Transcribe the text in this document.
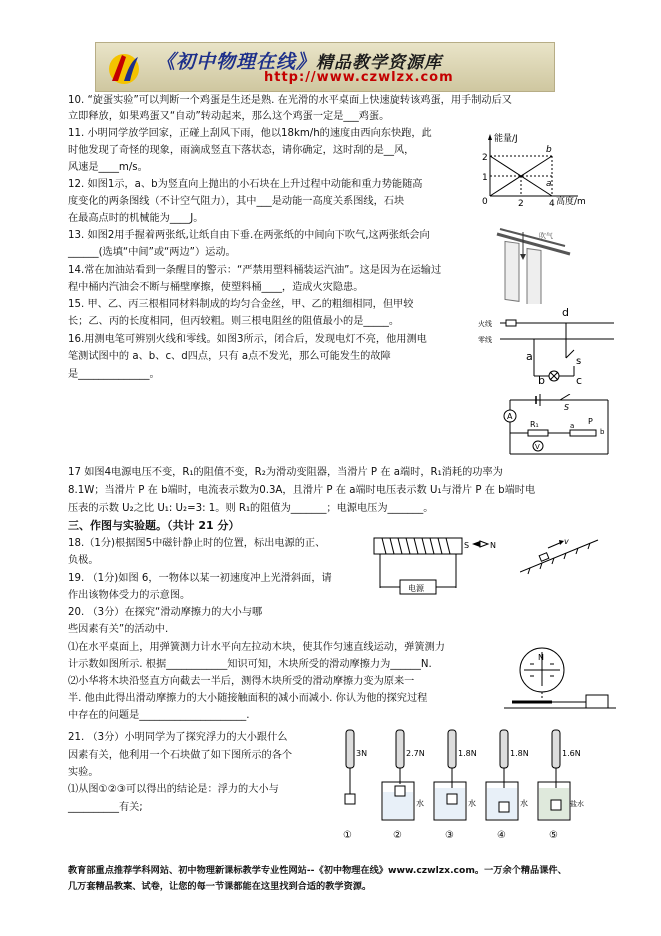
《初中物理在线》精品教学资源库
http://www.czwlzx.com
10. “旋蛋实验”可以判断一个鸡蛋是生还是熟. 在光滑的水平桌面上快速旋转该鸡蛋，用手制动后又
立即释放，如果鸡蛋又“自动”转动起来，那么这个鸡蛋一定是___鸡蛋。
11. 小明同学放学回家，正碰上刮风下雨，他以18km/h的速度由西向东快跑，此
时他发现了奇怪的现象，雨滴成竖直下落状态，请你确定，这时刮的是__风，
风速是____m/s。
12. 如图1示，a、b为竖直向上抛出的小石块在上升过程中动能和重力势能随高
度变化的两条图线（不计空气阻力），其中___是动能一高度关系图线，石块
在最高点时的机械能为____J。
13. 如图2用手握着两张纸,让纸自由下垂.在两张纸的中间向下吹气,这两张纸会向
______(选填“中间”或“两边”）运动。
14.常在加油站看到一条醒目的警示：“严禁用塑料桶装运汽油”。这是因为在运输过
程中桶内汽油会不断与桶壁摩擦，使塑料桶____，造成火灾隐患。
15. 甲、乙、丙三根相同材料制成的均匀合金丝，甲、乙的粗细相同，但甲较
长；乙、丙的长度相同，但丙较粗。则三根电阻丝的阻值最小的是_____。
16.用测电笔可辨别火线和零线。如图3所示，闭合后，发现电灯不亮，他用测电
笔测试图中的 a、b、c、d四点，只有 a点不发光，那么可能发生的故障
是______________。
17 如图4电源电压不变，R₁的阻值不变，R₂为滑动变阻器，当滑片 P 在 a端时，R₁消耗的功率为
8.1W；当滑片 P 在 b端时，电流表示数为0.3A，且滑片 P 在 a端时电压表示数 U₁与滑片 P 在 b端时电
压表的示数 U₂之比 U₁: U₂=3: 1。则 R₁的阻值为_______；电源电压为_______。
三、作图与实验题。（共计 21 分）
18.（1分)根据图5中磁针静止时的位置，标出电源的正、
负极。
19. （1分)如图 6，一物体以某一初速度冲上光滑斜面，请
作出该物体受力的示意图。
20. （3分）在探究“滑动摩擦力的大小与哪
些因素有关”的活动中.
⑴在水平桌面上，用弹簧测力计水平向左拉动木块，使其作匀速直线运动，弹簧测力
计示数如图所示. 根据____________知识可知，木块所受的滑动摩擦力为______N.
⑵小华将木块沿竖直方向截去一半后，测得木块所受的滑动摩擦力变为原来一
半. 他由此得出滑动摩擦力的大小随接触面积的减小而减小. 你认为他的探究过程
中存在的问题是_____________________.
21. （3分）小明同学为了探究浮力的大小跟什么
因素有关，他利用一个石块做了如下图所示的各个
实验。
⑴从图①②③可以得出的结论是：浮力的大小与
__________有关;
能量/J
高度/m
0
1
2
2	4
a
b
吹气
火线
零线
d
a
b	c
s
S
A
R₁	P
a
b
V
S	N
电源
v
N
3N
①
2.7N
水
②
1.8N
水
③
1.8N
水
④
1.6N
盐水
⑤
教育部重点推荐学科网站、初中物理新课标教学专业性网站--《初中物理在线》www.czwlzx.com。一万余个精品课件、
几万套精品教案、试卷，让您的每一节课都能在这里找到合适的教学资源。
